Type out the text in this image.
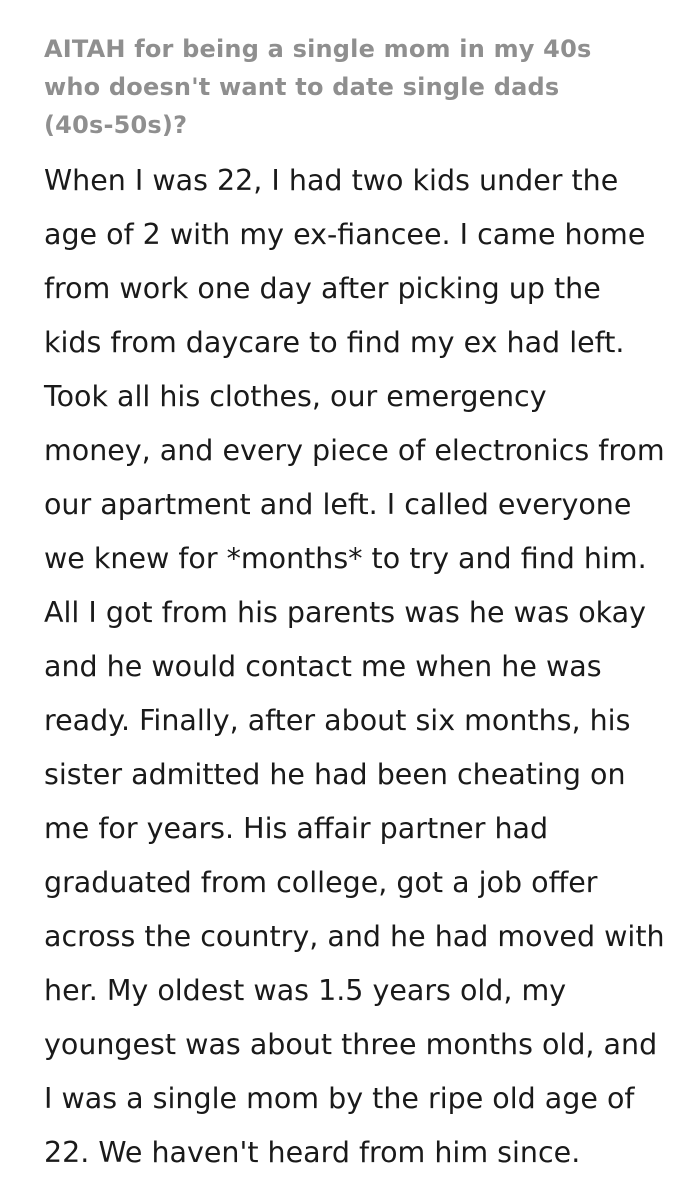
AITAH for being a single mom in my 40s
who doesn't want to date single dads
(40s-50s)?
When I was 22, I had two kids under the
age of 2 with my ex-fiancee. I came home
from work one day after picking up the
kids from daycare to find my ex had left.
Took all his clothes, our emergency
money, and every piece of electronics from
our apartment and left. I called everyone
we knew for *months* to try and find him.
All I got from his parents was he was okay
and he would contact me when he was
ready. Finally, after about six months, his
sister admitted he had been cheating on
me for years. His affair partner had
graduated from college, got a job offer
across the country, and he had moved with
her. My oldest was 1.5 years old, my
youngest was about three months old, and
I was a single mom by the ripe old age of
22. We haven't heard from him since.
